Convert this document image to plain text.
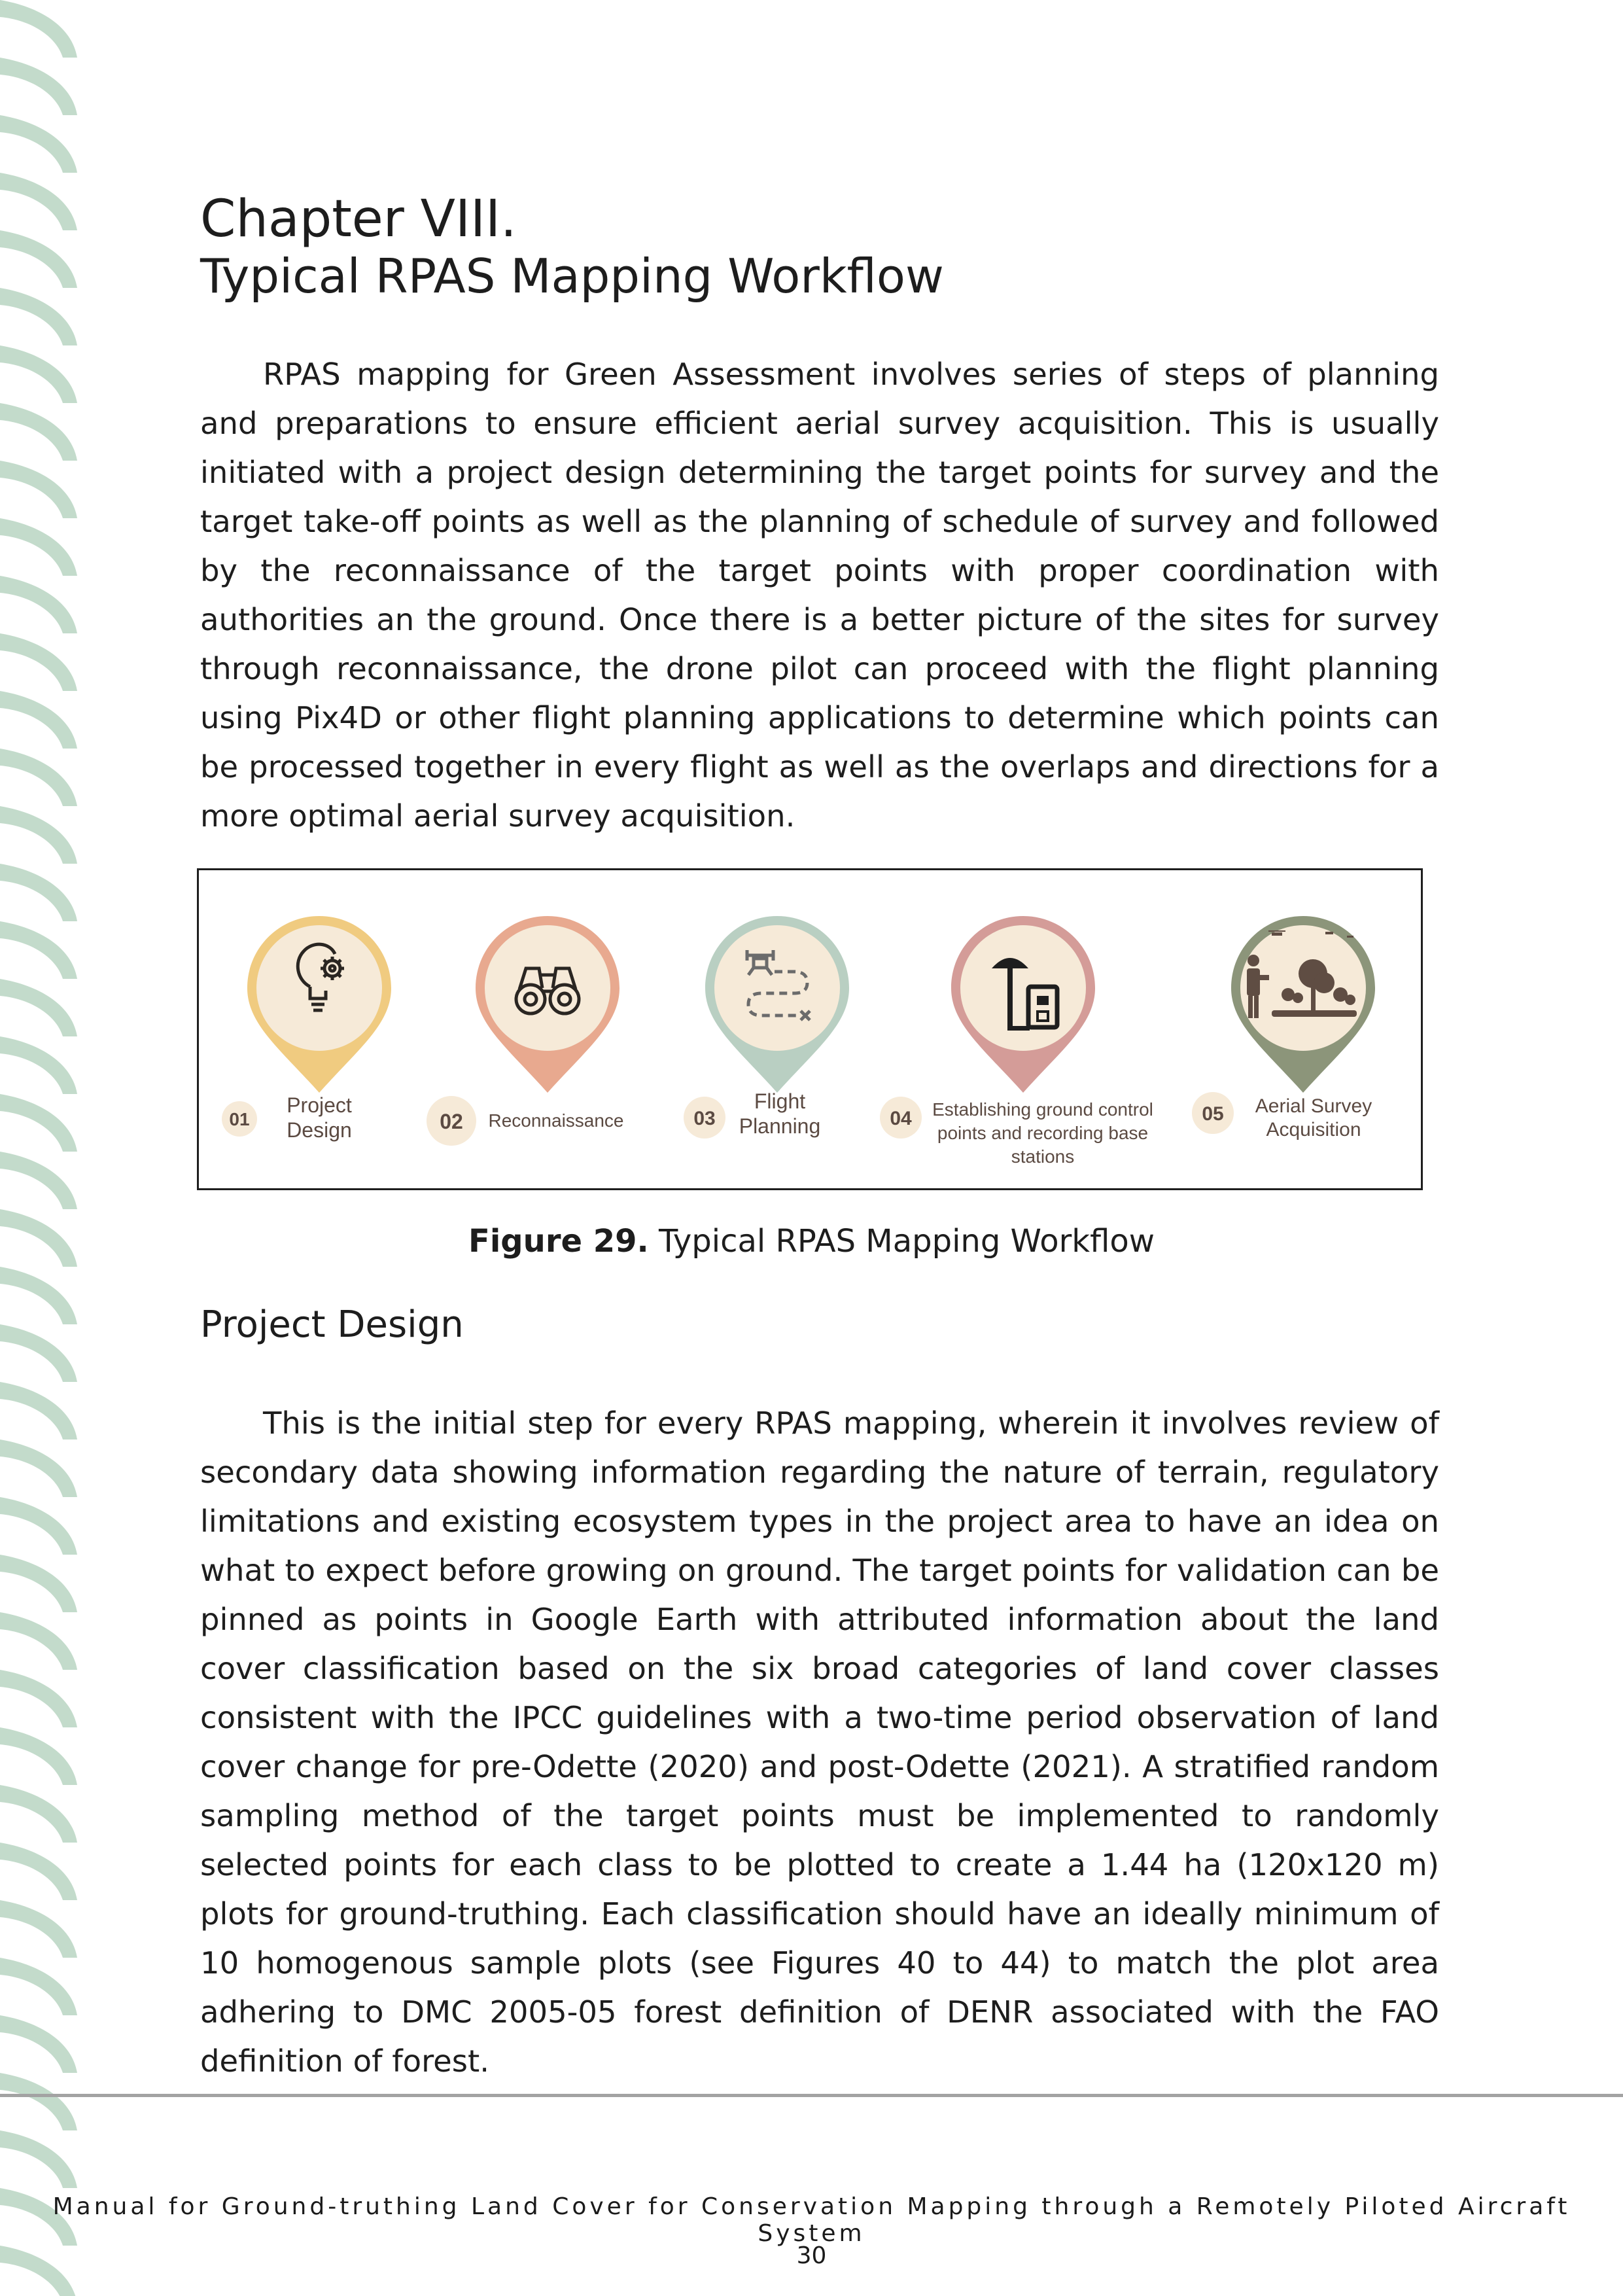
Chapter VIII.
Typical RPAS Mapping Workflow

RPAS mapping for Green Assessment involves series of steps of planning and preparations to ensure efficient aerial survey acquisition. This is usually initiated with a project design determining the target points for survey and the target take-off points as well as the planning of schedule of survey and followed by the reconnaissance of the target points with proper coordination with authorities an the ground. Once there is a better picture of the sites for survey through reconnaissance, the drone pilot can proceed with the flight planning using Pix4D or other flight planning applications to determine which points can be processed together in every flight as well as the overlaps and directions for a more optimal aerial survey acquisition.

01
Project
Design	02 Reconnaissance	03
Flight
Planning	04 Establishing ground control
points and recording base
stations
05 Aerial Survey
Acquisition

Figure 29. Typical RPAS Mapping Workflow

Project Design

This is the initial step for every RPAS mapping, wherein it involves review of secondary data showing information regarding the nature of terrain, regulatory limitations and existing ecosystem types in the project area to have an idea on what to expect before growing on ground. The target points for validation can be pinned as points in Google Earth with attributed information about the land cover classification based on the six broad categories of land cover classes consistent with the IPCC guidelines with a two-time period observation of land cover change for pre-Odette (2020) and post-Odette (2021). A stratified random sampling method of the target points must be implemented to randomly selected points for each class to be plotted to create a 1.44 ha (120x120 m) plots for ground-truthing. Each classification should have an ideally minimum of 10 homogenous sample plots (see Figures 40 to 44) to match the plot area adhering to DMC 2005-05 forest definition of DENR associated with the FAO definition of forest.

Manual for Ground-truthing Land Cover for Conservation Mapping through a Remotely Piloted Aircraft System
30
